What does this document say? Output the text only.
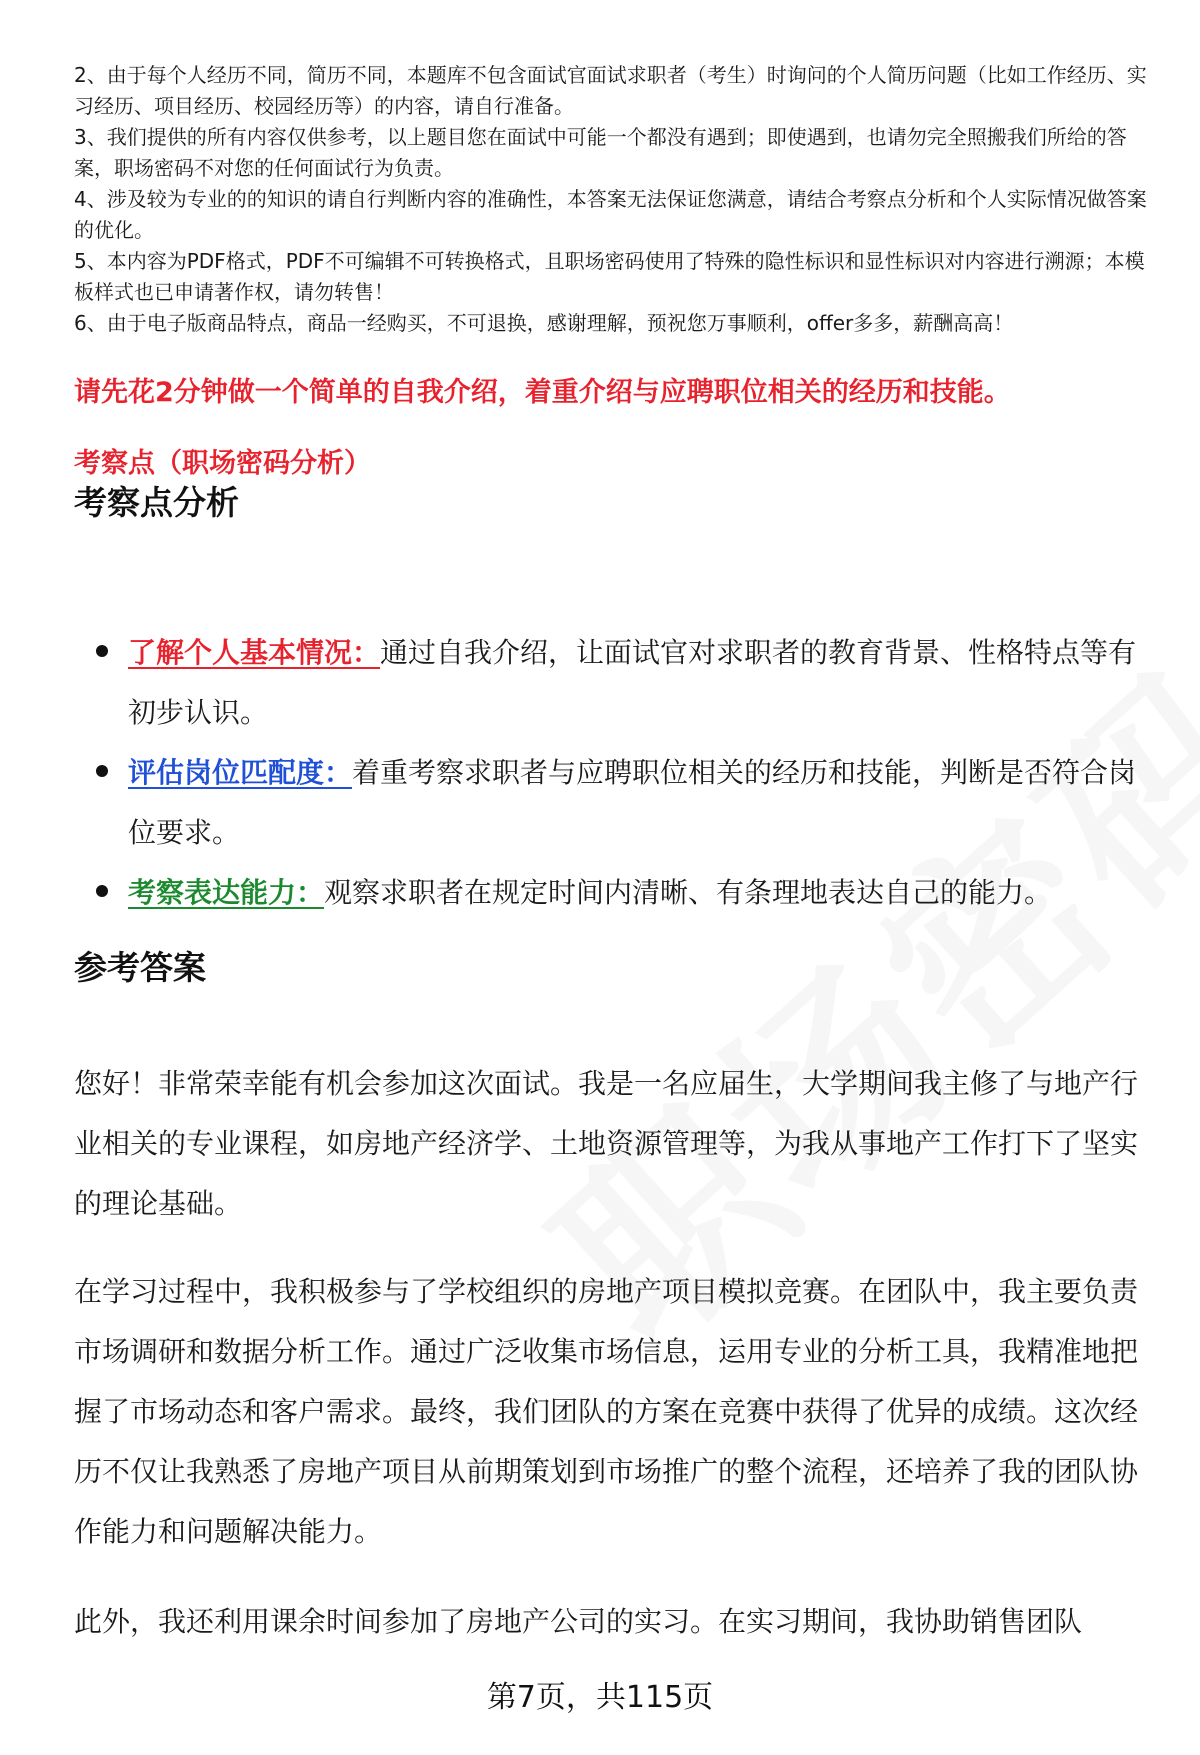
2、由于每个人经历不同，简历不同，本题库不包含面试官面试求职者（考生）时询问的个人简历问题（比如工作经历、实习经历、项目经历、校园经历等）的内容，请自行准备。

3、我们提供的所有内容仅供参考，以上题目您在面试中可能一个都没有遇到；即使遇到，也请勿完全照搬我们所给的答案，职场密码不对您的任何面试行为负责。

4、涉及较为专业的的知识的请自行判断内容的准确性，本答案无法保证您满意，请结合考察点分析和个人实际情况做答案的优化。

5、本内容为PDF格式，PDF不可编辑不可转换格式，且职场密码使用了特殊的隐性标识和显性标识对内容进行溯源；本模板样式也已申请著作权，请勿转售！

6、由于电子版商品特点，商品一经购买，不可退换，感谢理解，预祝您万事顺利，offer多多，薪酬高高！

请先花2分钟做一个简单的自我介绍，着重介绍与应聘职位相关的经历和技能。
考察点（职场密码分析）
考察点分析
了解个人基本情况：通过自我介绍，让面试官对求职者的教育背景、性格特点等有初步认识。
评估岗位匹配度：着重考察求职者与应聘职位相关的经历和技能，判断是否符合岗位要求。
考察表达能力：观察求职者在规定时间内清晰、有条理地表达自己的能力。
参考答案

您好！非常荣幸能有机会参加这次面试。我是一名应届生，大学期间我主修了与地产行业相关的专业课程，如房地产经济学、土地资源管理等，为我从事地产工作打下了坚实的理论基础。

在学习过程中，我积极参与了学校组织的房地产项目模拟竞赛。在团队中，我主要负责市场调研和数据分析工作。通过广泛收集市场信息，运用专业的分析工具，我精准地把握了市场动态和客户需求。最终，我们团队的方案在竞赛中获得了优异的成绩。这次经历不仅让我熟悉了房地产项目从前期策划到市场推广的整个流程，还培养了我的团队协作能力和问题解决能力。

此外，我还利用课余时间参加了房地产公司的实习。在实习期间，我协助销售团队

第7页，共115页
